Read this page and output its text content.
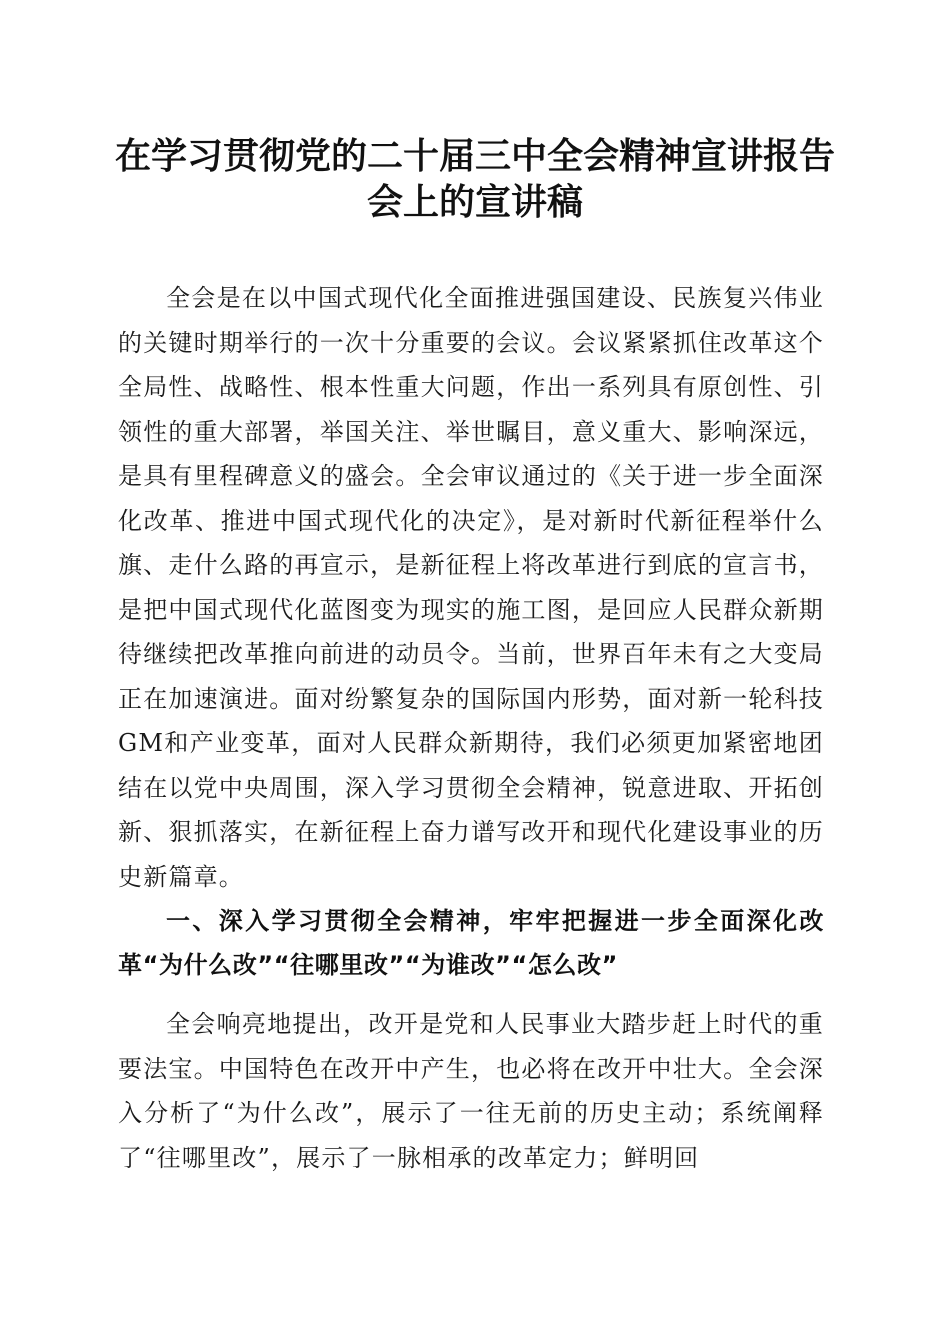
在学习贯彻党的二十届三中全会精神宣讲报告
会上的宣讲稿

全会是在以中国式现代化全面推进强国建设、民族复兴伟业的关键时期举行的一次十分重要的会议。会议紧紧抓住改革这个全局性、战略性、根本性重大问题，作出一系列具有原创性、引领性的重大部署，举国关注、举世瞩目，意义重大、影响深远，是具有里程碑意义的盛会。全会审议通过的《关于进一步全面深化改革、推进中国式现代化的决定》，是对新时代新征程举什么旗、走什么路的再宣示，是新征程上将改革进行到底的宣言书，是把中国式现代化蓝图变为现实的施工图，是回应人民群众新期待继续把改革推向前进的动员令。当前，世界百年未有之大变局正在加速演进。面对纷繁复杂的国际国内形势，面对新一轮科技GM和产业变革，面对人民群众新期待，我们必须更加紧密地团结在以党中央周围，深入学习贯彻全会精神，锐意进取、开拓创新、狠抓落实，在新征程上奋力谱写改开和现代化建设事业的历史新篇章。

一、深入学习贯彻全会精神，牢牢把握进一步全面深化改革“为什么改”“往哪里改”“为谁改”“怎么改”

全会响亮地提出，改开是党和人民事业大踏步赶上时代的重要法宝。中国特色在改开中产生，也必将在改开中壮大。全会深入分析了“为什么改”，展示了一往无前的历史主动；系统阐释了“往哪里改”，展示了一脉相承的改革定力；鲜明回
